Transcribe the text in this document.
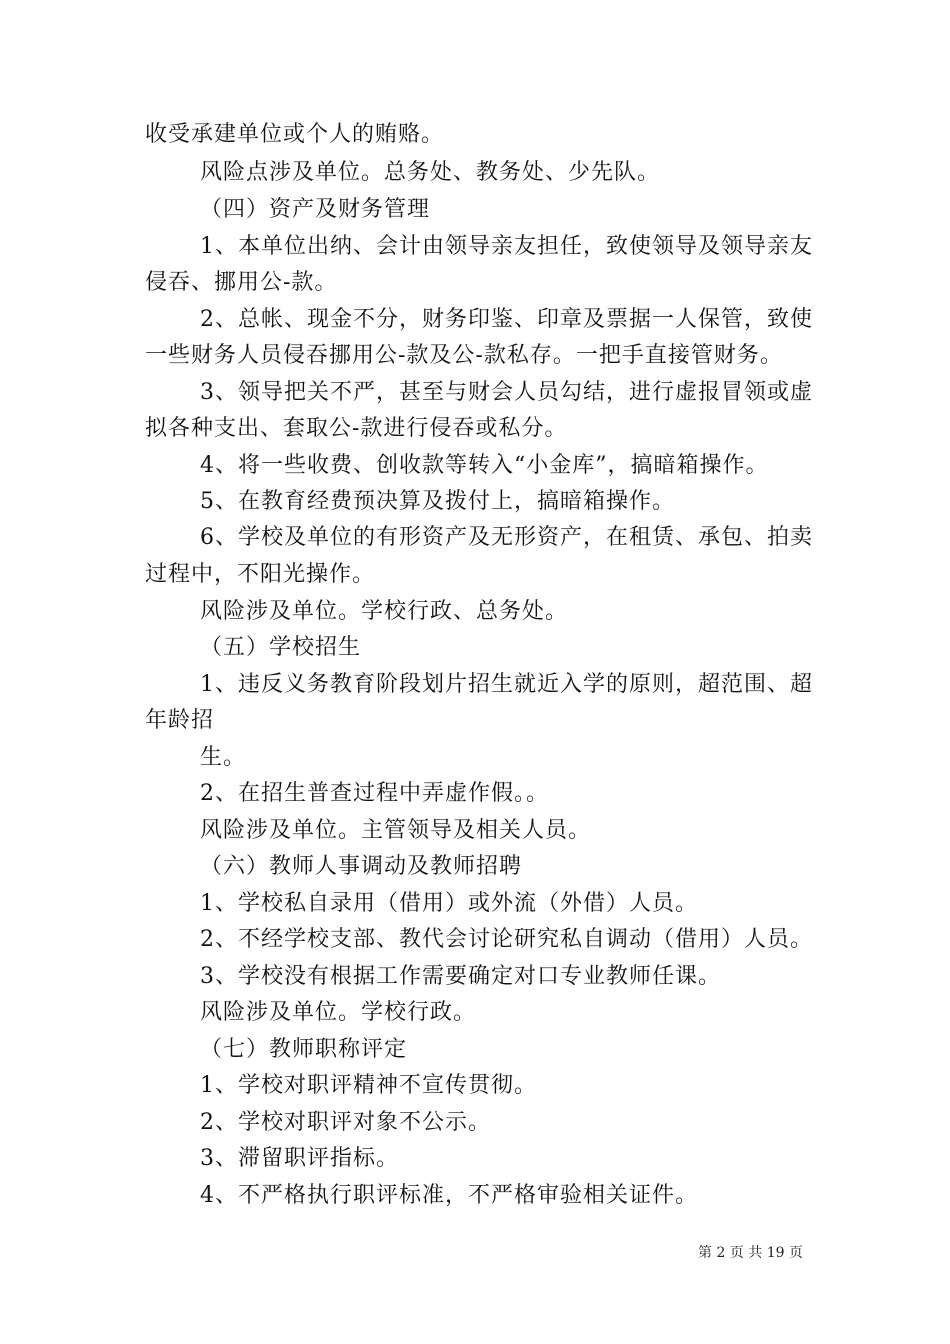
收受承建单位或个人的贿赂。
风险点涉及单位。总务处、教务处、少先队。
（四）资产及财务管理
1、本单位出纳、会计由领导亲友担任，致使领导及领导亲友
侵吞、挪用公-款。
2、总帐、现金不分，财务印鉴、印章及票据一人保管，致使
一些财务人员侵吞挪用公-款及公-款私存。一把手直接管财务。
3、领导把关不严，甚至与财会人员勾结，进行虚报冒领或虚
拟各种支出、套取公-款进行侵吞或私分。
4、将一些收费、创收款等转入“小金库”，搞暗箱操作。
5、在教育经费预决算及拨付上，搞暗箱操作。
6、学校及单位的有形资产及无形资产，在租赁、承包、拍卖
过程中，不阳光操作。
风险涉及单位。学校行政、总务处。
（五）学校招生
1、违反义务教育阶段划片招生就近入学的原则，超范围、超
年龄招
生。
2、在招生普查过程中弄虚作假。。
风险涉及单位。主管领导及相关人员。
（六）教师人事调动及教师招聘
1、学校私自录用（借用）或外流（外借）人员。
2、不经学校支部、教代会讨论研究私自调动（借用）人员。
3、学校没有根据工作需要确定对口专业教师任课。
风险涉及单位。学校行政。
（七）教师职称评定
1、学校对职评精神不宣传贯彻。
2、学校对职评对象不公示。
3、滞留职评指标。
4、不严格执行职评标准，不严格审验相关证件。
第 2 页 共 19 页
